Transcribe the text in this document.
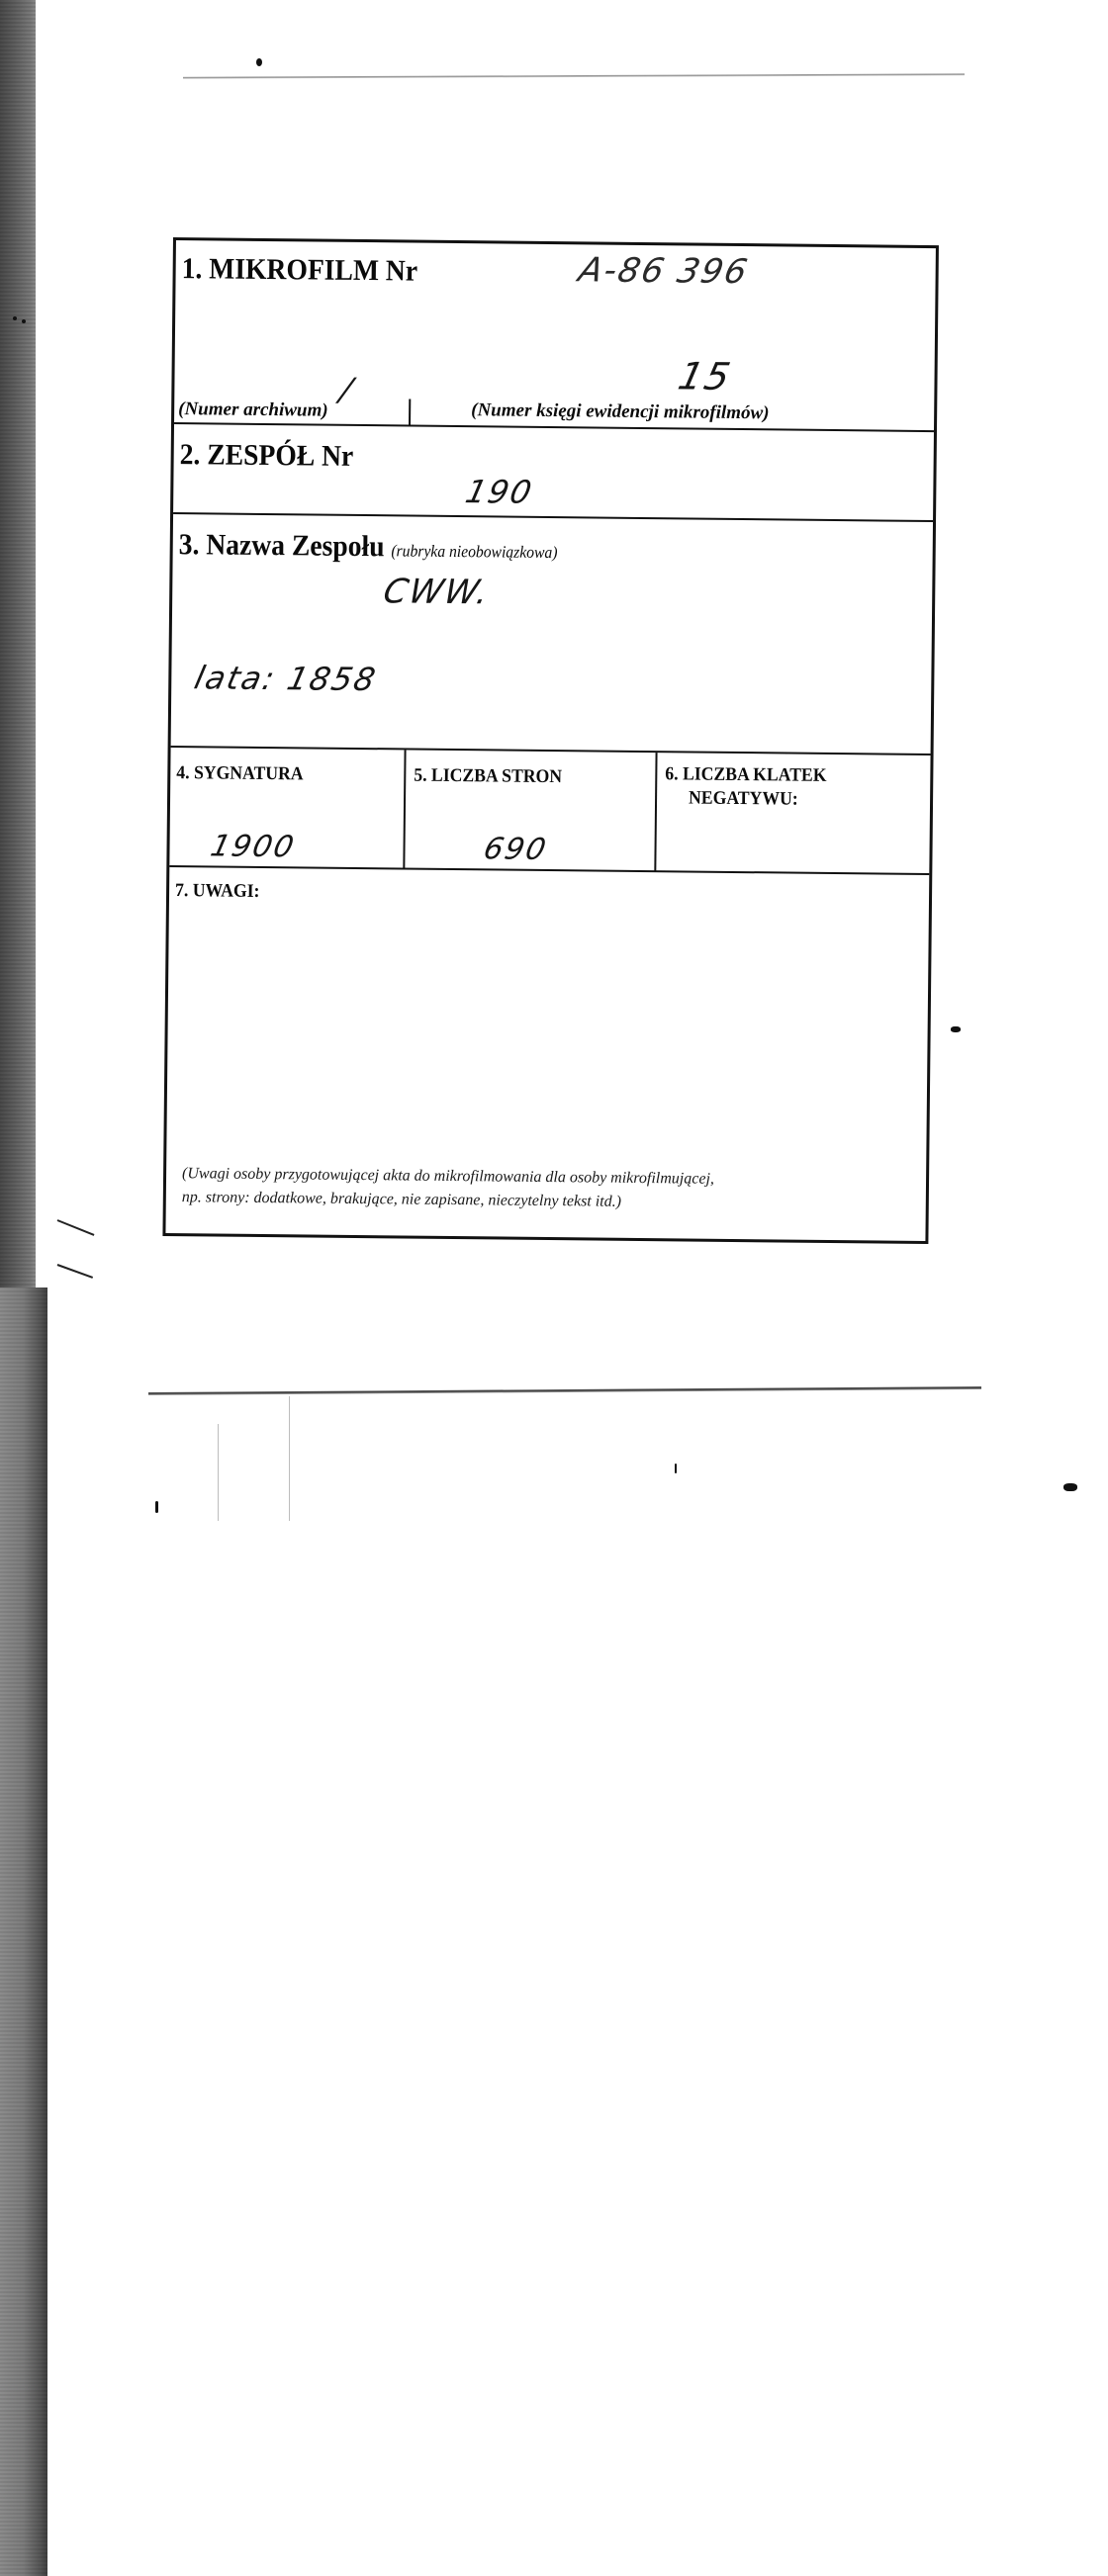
1. MIKROFILM Nr	A-86 396
15
/
(Numer archiwum)	(Numer księgi ewidencji mikrofilmów)
2. ZESPÓŁ Nr
190
3. Nazwa Zespołu (rubryka nieobowiązkowa)
CWW.
lata: 1858
4. SYGNATURA
1900
5. LICZBA STRON
690
6. LICZBA KLATEK
NEGATYWU:
7. UWAGI:
(Uwagi osoby przygotowującej akta do mikrofilmowania dla osoby mikrofilmującej,
np. strony: dodatkowe, brakujące, nie zapisane, nieczytelny tekst itd.)
